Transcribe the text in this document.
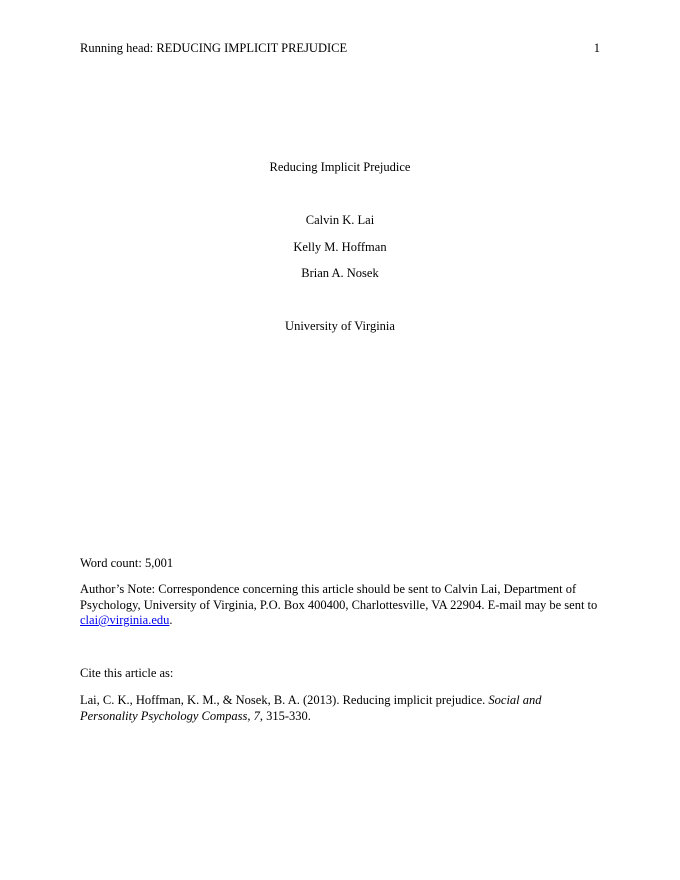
Running head: REDUCING IMPLICIT PREJUDICE	1
Reducing Implicit Prejudice
Calvin K. Lai
Kelly M. Hoffman
Brian A. Nosek
University of Virginia
Word count: 5,001
Author’s Note: Correspondence concerning this article should be sent to Calvin Lai, Department of Psychology, University of Virginia, P.O. Box 400400, Charlottesville, VA 22904. E-mail may be sent to clai@virginia.edu.
Cite this article as:
Lai, C. K., Hoffman, K. M., & Nosek, B. A. (2013). Reducing implicit prejudice. Social and Personality Psychology Compass, 7, 315-330.
